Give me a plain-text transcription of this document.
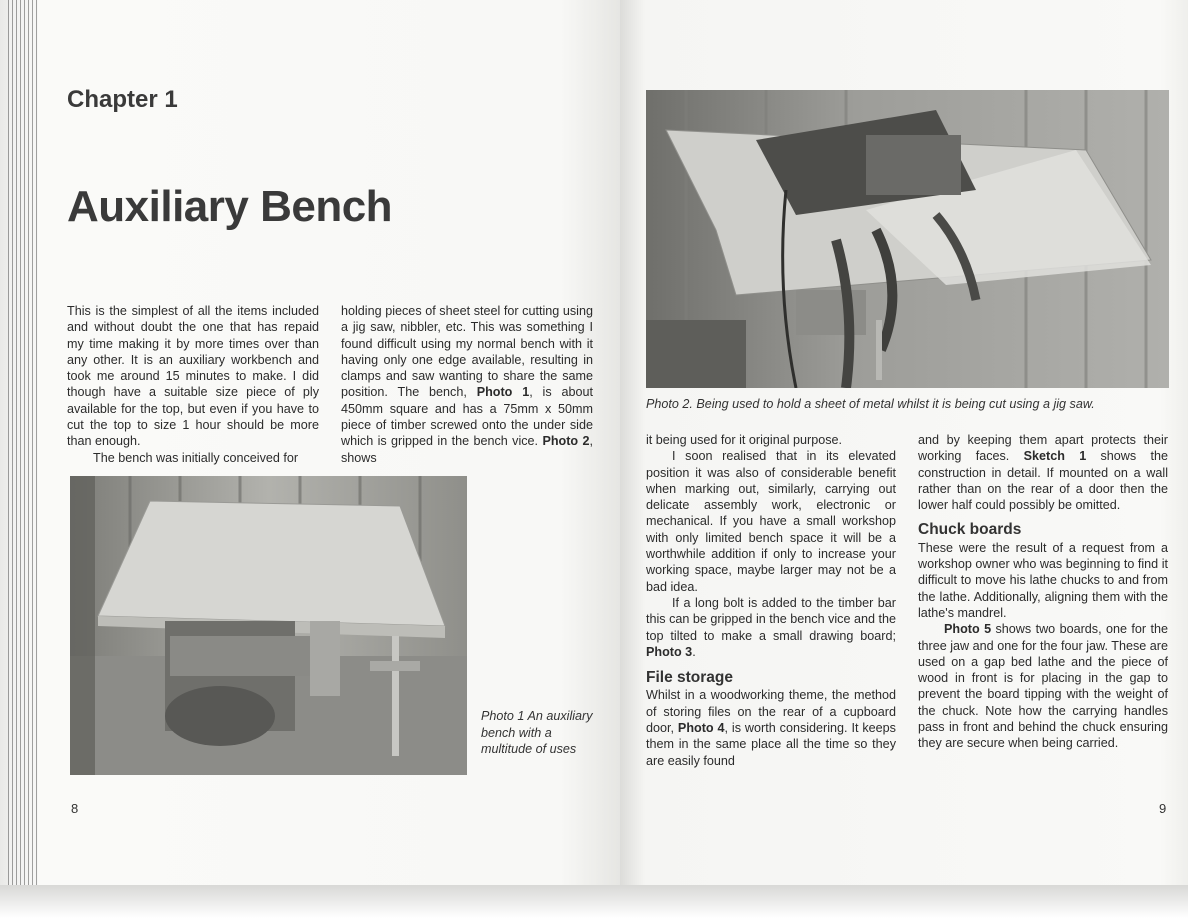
Chapter 1
Auxiliary Bench

This is the simplest of all the items included and without doubt the one that has repaid my time making it by more times over than any other. It is an auxiliary workbench and took me around 15 minutes to make. I did though have a suitable size piece of ply available for the top, but even if you have to cut the top to size 1 hour should be more than enough.

The bench was initially conceived for

holding pieces of sheet steel for cutting using a jig saw, nibbler, etc. This was something I found difficult using my normal bench with it having only one edge available, resulting in clamps and saw wanting to share the same position. The bench, Photo 1, is about 450mm square and has a 75mm x 50mm piece of timber screwed onto the under side which is gripped in the bench vice. Photo 2, shows

Photo 1 An auxiliary bench with a multitude of uses
8
Photo 2. Being used to hold a sheet of metal whilst it is being cut using a jig saw.

it being used for it original purpose.

I soon realised that in its elevated position it was also of considerable benefit when marking out, similarly, carrying out delicate assembly work, electronic or mechanical. If you have a small workshop with only limited bench space it will be a worthwhile addition if only to increase your working space, maybe larger may not be a bad idea.

If a long bolt is added to the timber bar this can be gripped in the bench vice and the top tilted to make a small drawing board; Photo 3.

File storage

Whilst in a woodworking theme, the method of storing files on the rear of a cupboard door, Photo 4, is worth considering. It keeps them in the same place all the time so they are easily found

and by keeping them apart protects their working faces. Sketch 1 shows the construction in detail. If mounted on a wall rather than on the rear of a door then the lower half could possibly be omitted.

Chuck boards

These were the result of a request from a workshop owner who was beginning to find it difficult to move his lathe chucks to and from the lathe. Additionally, aligning them with the lathe's mandrel.

Photo 5 shows two boards, one for the three jaw and one for the four jaw. These are used on a gap bed lathe and the piece of wood in front is for placing in the gap to prevent the board tipping with the weight of the chuck. Note how the carrying handles pass in front and behind the chuck ensuring they are secure when being carried.

9
